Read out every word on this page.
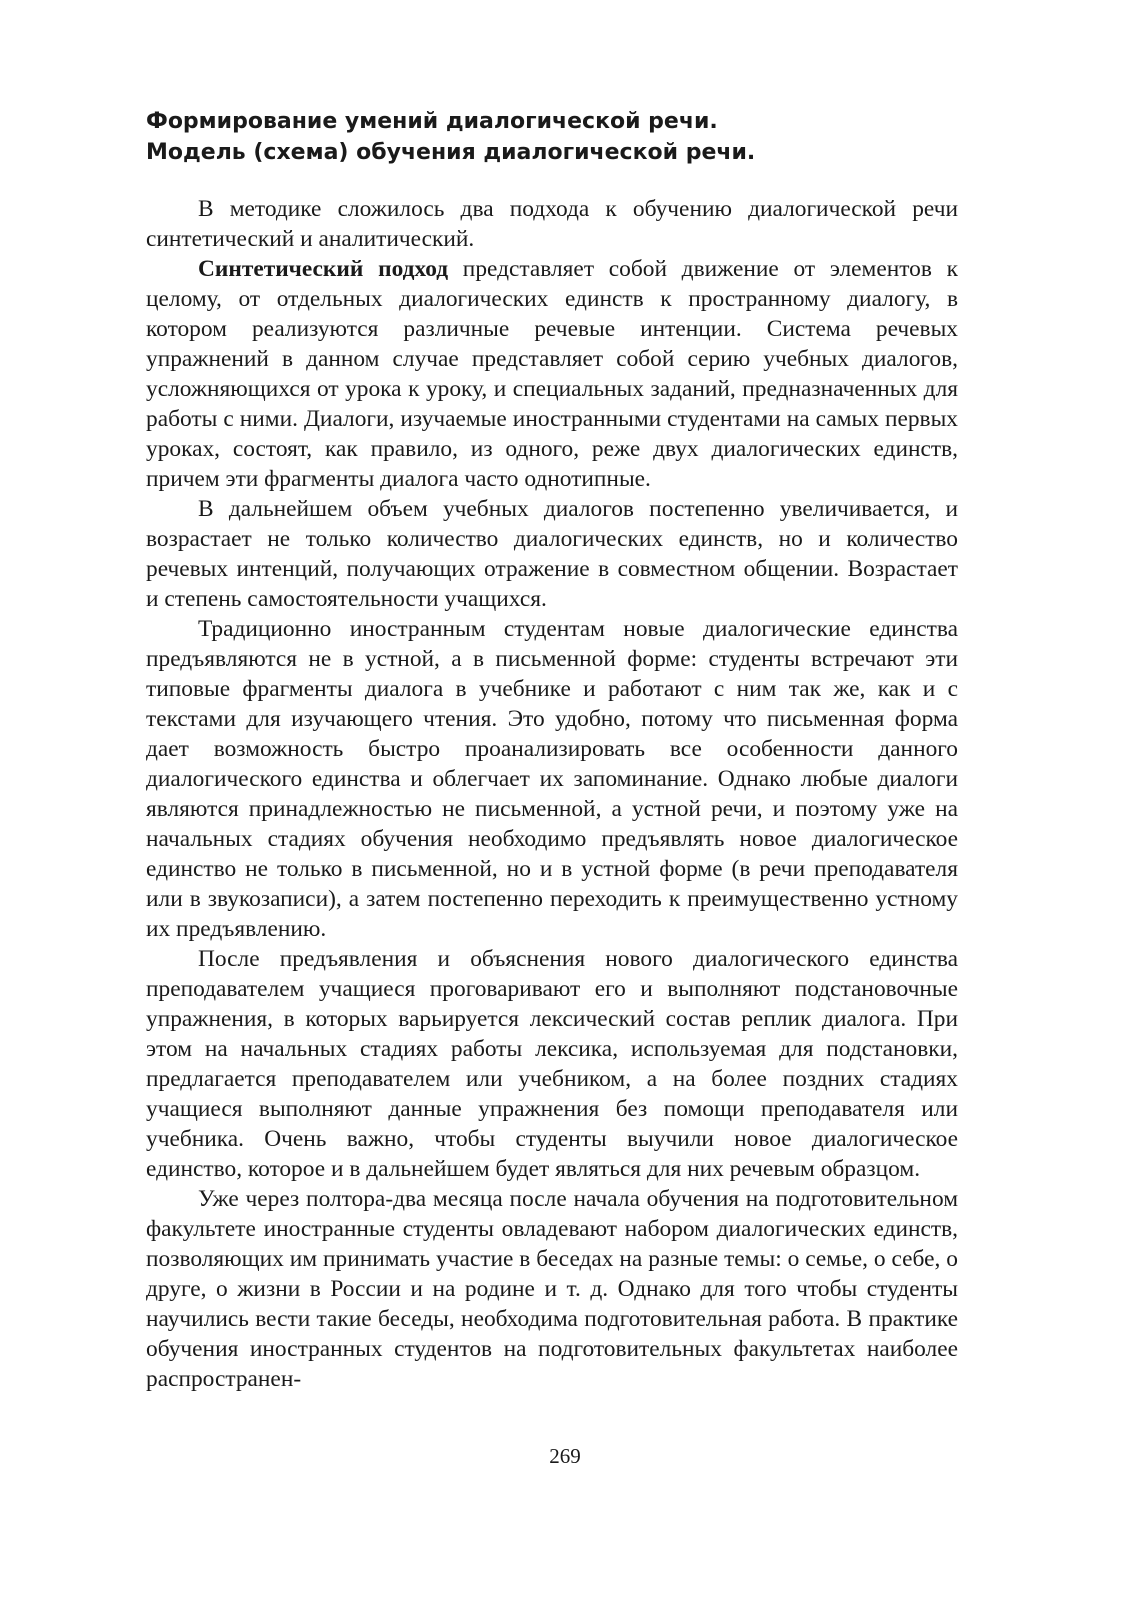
Формирование умений диалогической речи.
Модель (схема) обучения диалогической речи.

В методике сложилось два подхода к обучению диалогической речи синтетический и аналитический.

Синтетический подход представляет собой движение от элементов к целому, от отдельных диалогических единств к пространному диалогу, в котором реализуются различные речевые интенции. Система речевых упражнений в данном случае представляет собой серию учебных диалогов, усложняющихся от урока к уроку, и специальных заданий, предназначенных для работы с ними. Диалоги, изучаемые иностранными студентами на самых первых уроках, состоят, как правило, из одного, реже двух диалогических единств, причем эти фрагменты диалога часто однотипные.

В дальнейшем объем учебных диалогов постепенно увеличивается, и возрастает не только количество диалогических единств, но и количество речевых интенций, получающих отражение в совместном общении. Возрастает и степень самостоятельности учащихся.

Традиционно иностранным студентам новые диалогические единства предъявляются не в устной, а в письменной форме: студенты встречают эти типовые фрагменты диалога в учебнике и работают с ним так же, как и с текстами для изучающего чтения. Это удобно, потому что письменная форма дает возможность быстро проанализировать все особенности данного диалогического единства и облегчает их запоминание. Однако любые диалоги являются принадлежностью не письменной, а устной речи, и поэтому уже на начальных стадиях обучения необходимо предъявлять новое диалогическое единство не только в письменной, но и в устной форме (в речи преподавателя или в звукозаписи), а затем постепенно переходить к преимущественно устному их предъявлению.

После предъявления и объяснения нового диалогического единства преподавателем учащиеся проговаривают его и выполняют подстановочные упражнения, в которых варьируется лексический состав реплик диалога. При этом на начальных стадиях работы лексика, используемая для подстановки, предлагается преподавателем или учебником, а на более поздних стадиях учащиеся выполняют данные упражнения без помощи преподавателя или учебника. Очень важно, чтобы студенты выучили новое диалогическое единство, которое и в дальнейшем будет являться для них речевым образцом.

Уже через полтора-два месяца после начала обучения на подготовительном факультете иностранные студенты овладевают набором диалогических единств, позволяющих им принимать участие в беседах на разные темы: о семье, о себе, о друге, о жизни в России и на родине и т. д. Однако для того чтобы студенты научились вести такие беседы, необходима подготовительная работа. В практике обучения иностранных студентов на подготовительных факультетах наиболее распространен-

269
